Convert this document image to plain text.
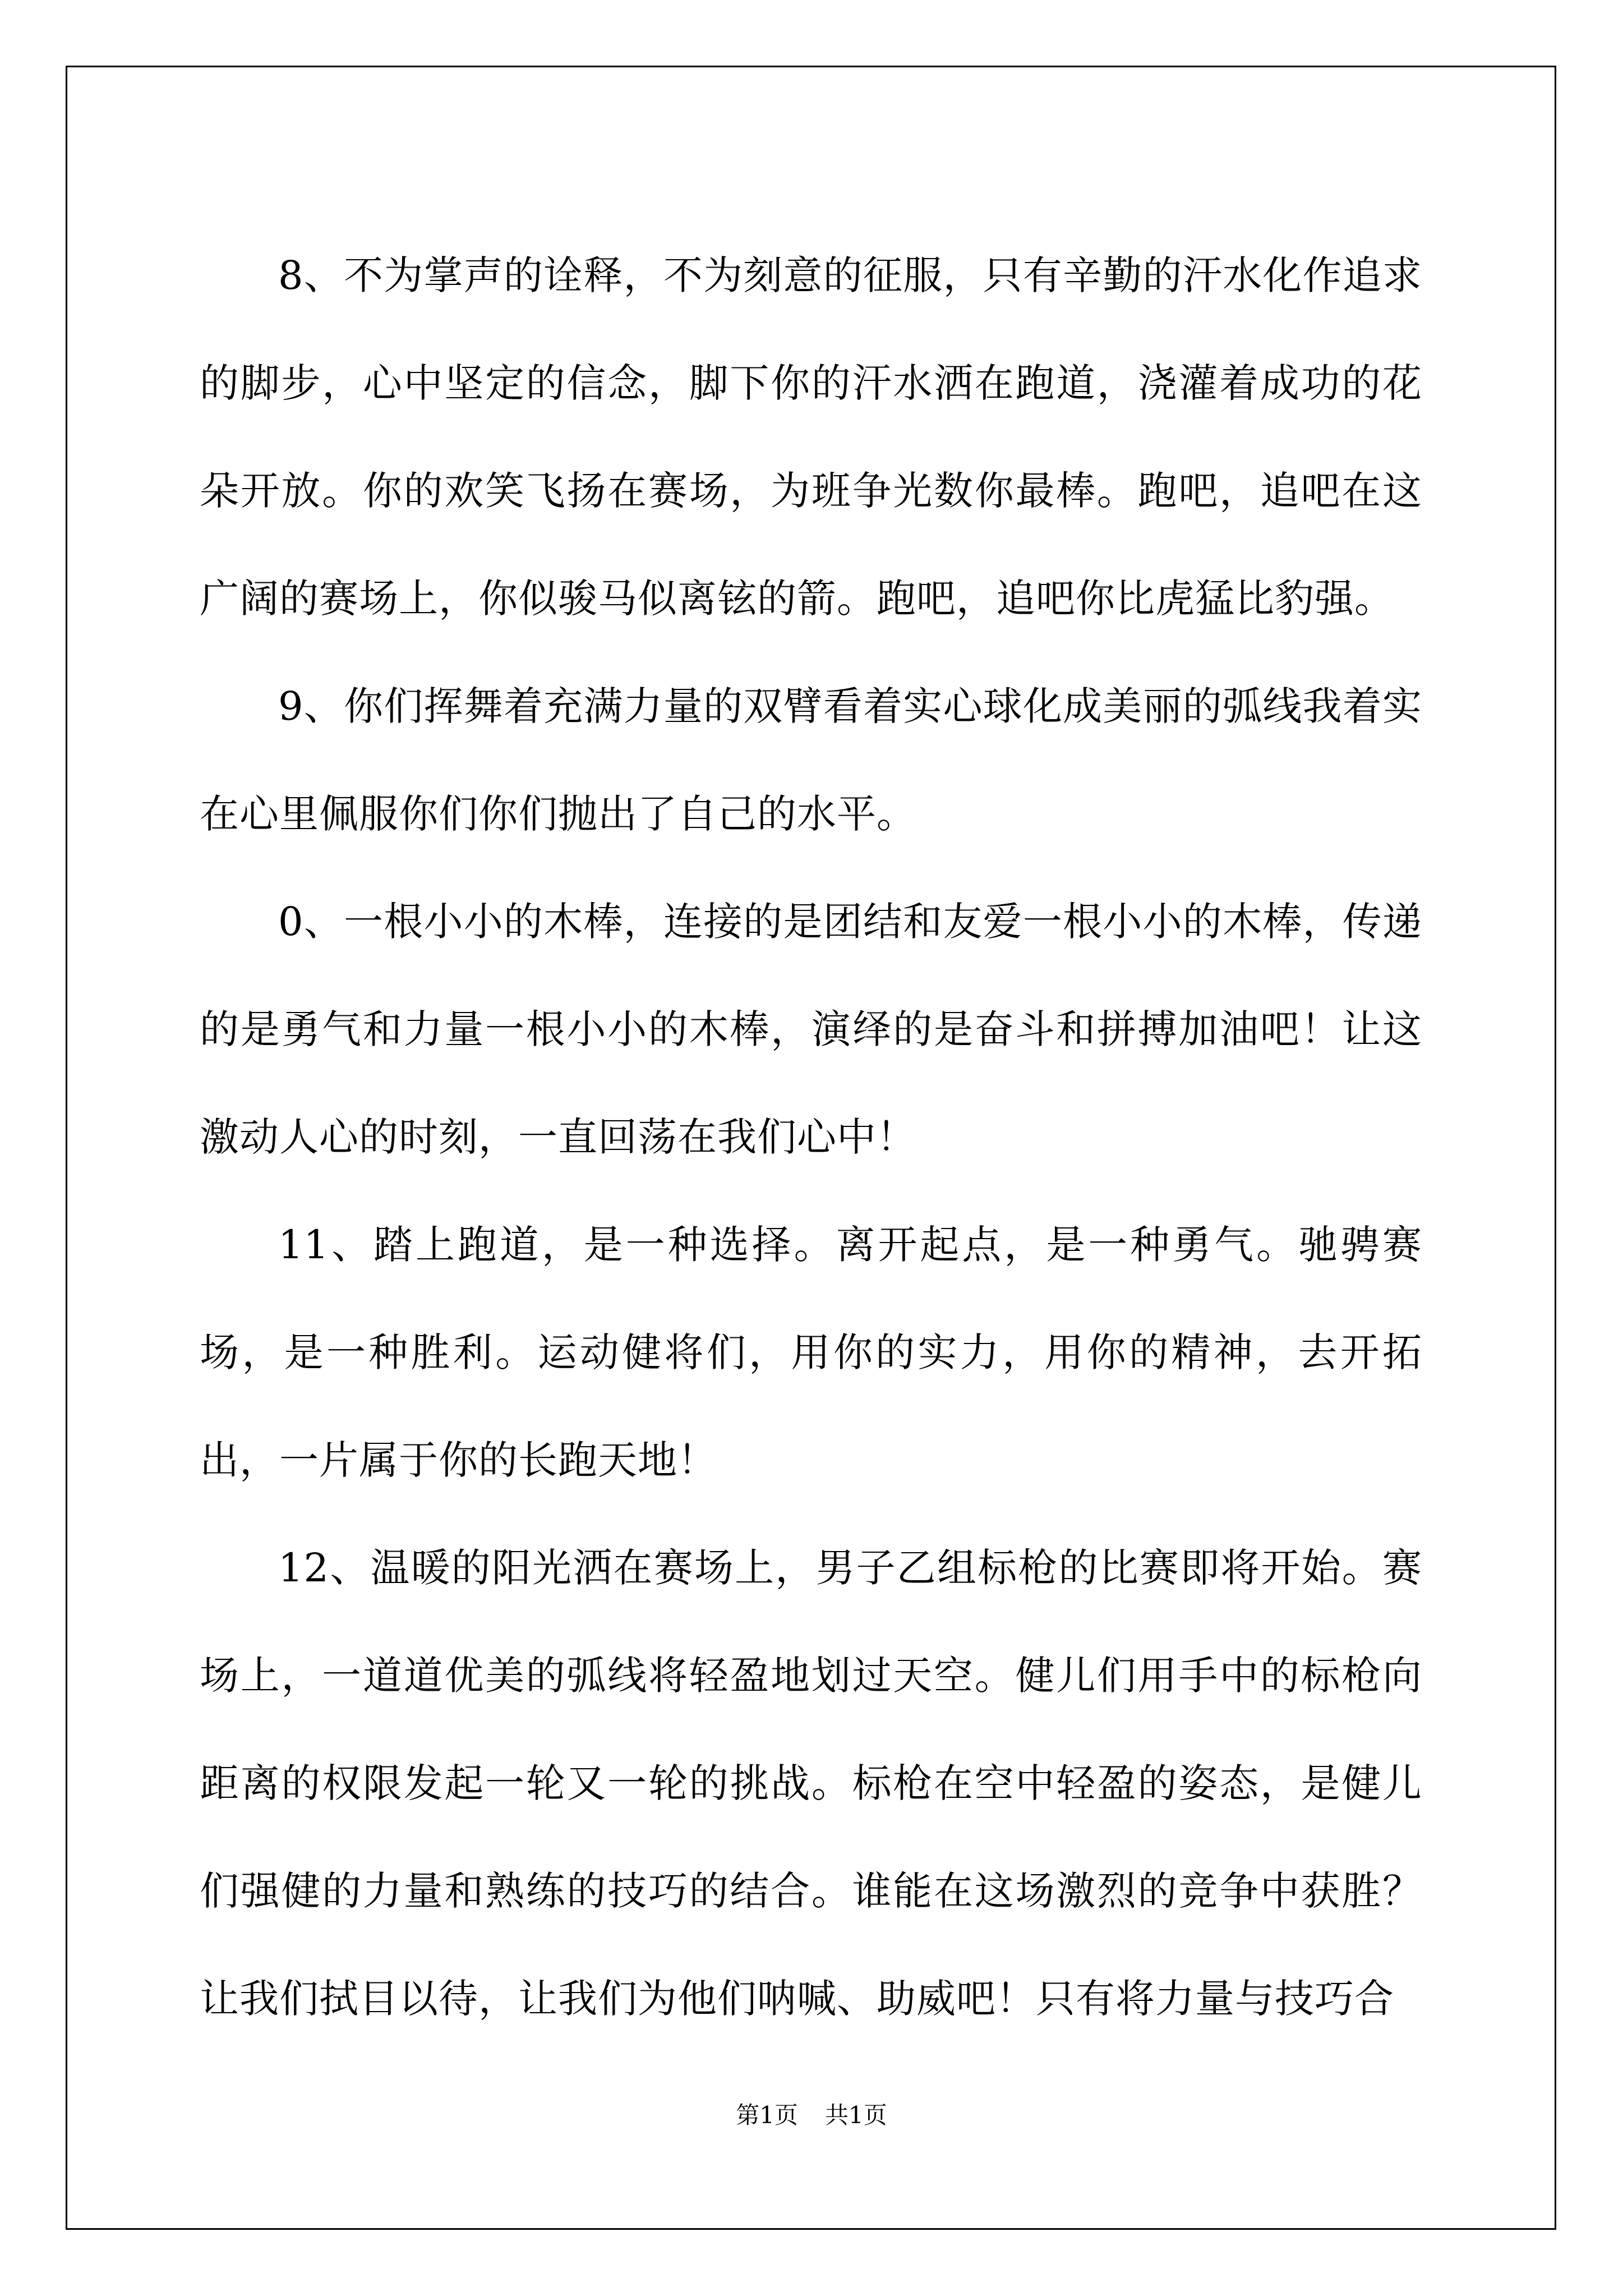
8、不为掌声的诠释，不为刻意的征服，只有辛勤的汗水化作追求的脚步，心中坚定的信念，脚下你的汗水洒在跑道，浇灌着成功的花朵开放。你的欢笑飞扬在赛场，为班争光数你最棒。跑吧，追吧在这广阔的赛场上，你似骏马似离铉的箭。跑吧，追吧你比虎猛比豹强。

9、你们挥舞着充满力量的双臂看着实心球化成美丽的弧线我着实在心里佩服你们你们抛出了自己的水平。

0、一根小小的木棒，连接的是团结和友爱一根小小的木棒，传递的是勇气和力量一根小小的木棒，演绎的是奋斗和拼搏加油吧！让这激动人心的时刻，一直回荡在我们心中！

11、踏上跑道，是一种选择。离开起点，是一种勇气。驰骋赛场，是一种胜利。运动健将们，用你的实力，用你的精神，去开拓出，一片属于你的长跑天地！

12、温暖的阳光洒在赛场上，男子乙组标枪的比赛即将开始。赛场上，一道道优美的弧线将轻盈地划过天空。健儿们用手中的标枪向距离的权限发起一轮又一轮的挑战。标枪在空中轻盈的姿态，是健儿们强健的力量和熟练的技巧的结合。谁能在这场激烈的竞争中获胜？让我们拭目以待，让我们为他们呐喊、助威吧！只有将力量与技巧合

第1页 共1页
